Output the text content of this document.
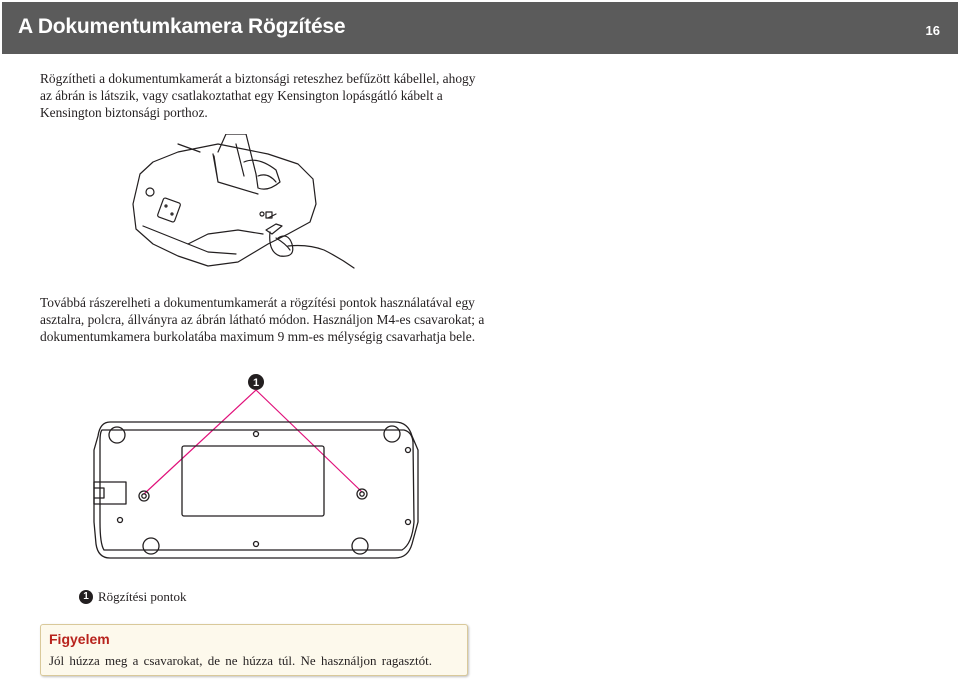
A Dokumentumkamera Rögzítése	16

Rögzítheti a dokumentumkamerát a biztonsági reteszhez befűzött kábellel, ahogy az ábrán is látszik, vagy csatlakoztathat egy Kensington lopásgátló kábelt a Kensington biztonsági porthoz.

Továbbá rászerelheti a dokumentumkamerát a rögzítési pontok használatával egy asztalra, polcra, állványra az ábrán látható módon. Használjon M4-es csavarokat; a dokumentumkamera burkolatába maximum 9 mm-es mélységig csavarhatja bele.

1
1 Rögzítési pontok
Figyelem
Jól húzza meg a csavarokat, de ne húzza túl. Ne használjon ragasztót.
